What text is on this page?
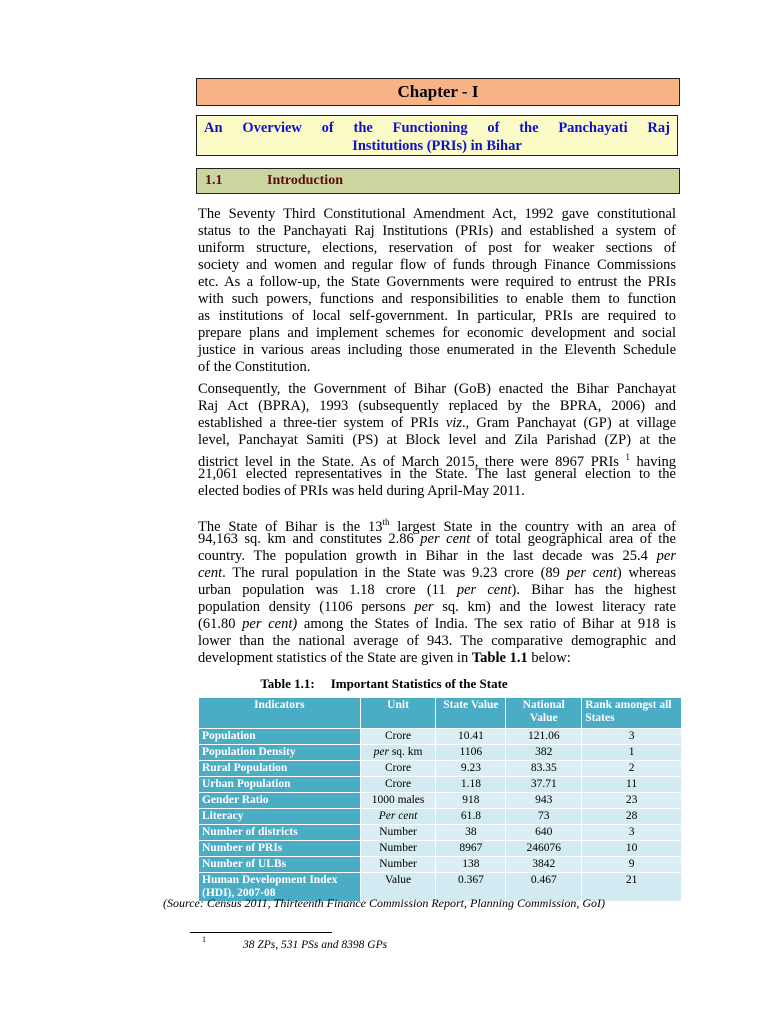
Chapter - I
An Overview of the Functioning of the Panchayati Raj
Institutions (PRIs) in Bihar
1.1	Introduction
The Seventy Third Constitutional Amendment Act, 1992 gave constitutional
status to the Panchayati Raj Institutions (PRIs) and established a system of
uniform structure, elections, reservation of post for weaker sections of
society and women and regular flow of funds through Finance Commissions
etc. As a follow-up, the State Governments were required to entrust the PRIs
with such powers, functions and responsibilities to enable them to function
as institutions of local self-government. In particular, PRIs are required to
prepare plans and implement schemes for economic development and social
justice in various areas including those enumerated in the Eleventh Schedule
of the Constitution.
Consequently, the Government of Bihar (GoB) enacted the Bihar Panchayat
Raj Act (BPRA), 1993 (subsequently replaced by the BPRA, 2006) and
established a three-tier system of PRIs viz., Gram Panchayat (GP) at village
level, Panchayat Samiti (PS) at Block level and Zila Parishad (ZP) at the
district level in the State. As of March 2015, there were 8967 PRIs $^1$ having
21,061 elected representatives in the State. The last general election to the
elected bodies of PRIs was held during April-May 2011.
The State of Bihar is the 13th largest State in the country with an area of
94,163 sq. km and constitutes 2.86 per cent of total geographical area of the
country. The population growth in Bihar in the last decade was 25.4 per
cent. The rural population in the State was 9.23 crore (89 per cent) whereas
urban population was 1.18 crore (11 per cent). Bihar has the highest
population density (1106 persons per sq. km) and the lowest literacy rate
(61.80 per cent) among the States of India. The sex ratio of Bihar at 918 is
lower than the national average of 943. The comparative demographic and
development statistics of the State are given in Table 1.1 below:
Table 1.1: Important Statistics of the State
Indicators	Unit	State Value	National Value	Rank amongst all States
Population	Crore	10.41	121.06	3
Population Density	per sq. km	1106	382	1
Rural Population	Crore	9.23	83.35	2
Urban Population	Crore	1.18	37.71	11
Gender Ratio	1000 males	918	943	23
Literacy	Per cent	61.8	73	28
Number of districts	Number	38	640	3
Number of PRIs	Number	8967	246076	10
Number of ULBs	Number	138	3842	9
Human Development Index (HDI), 2007-08	Value	0.367	0.467	21
(Source: Census 2011, Thirteenth Finance Commission Report, Planning Commission, GoI)
1	38 ZPs, 531 PSs and 8398 GPs
